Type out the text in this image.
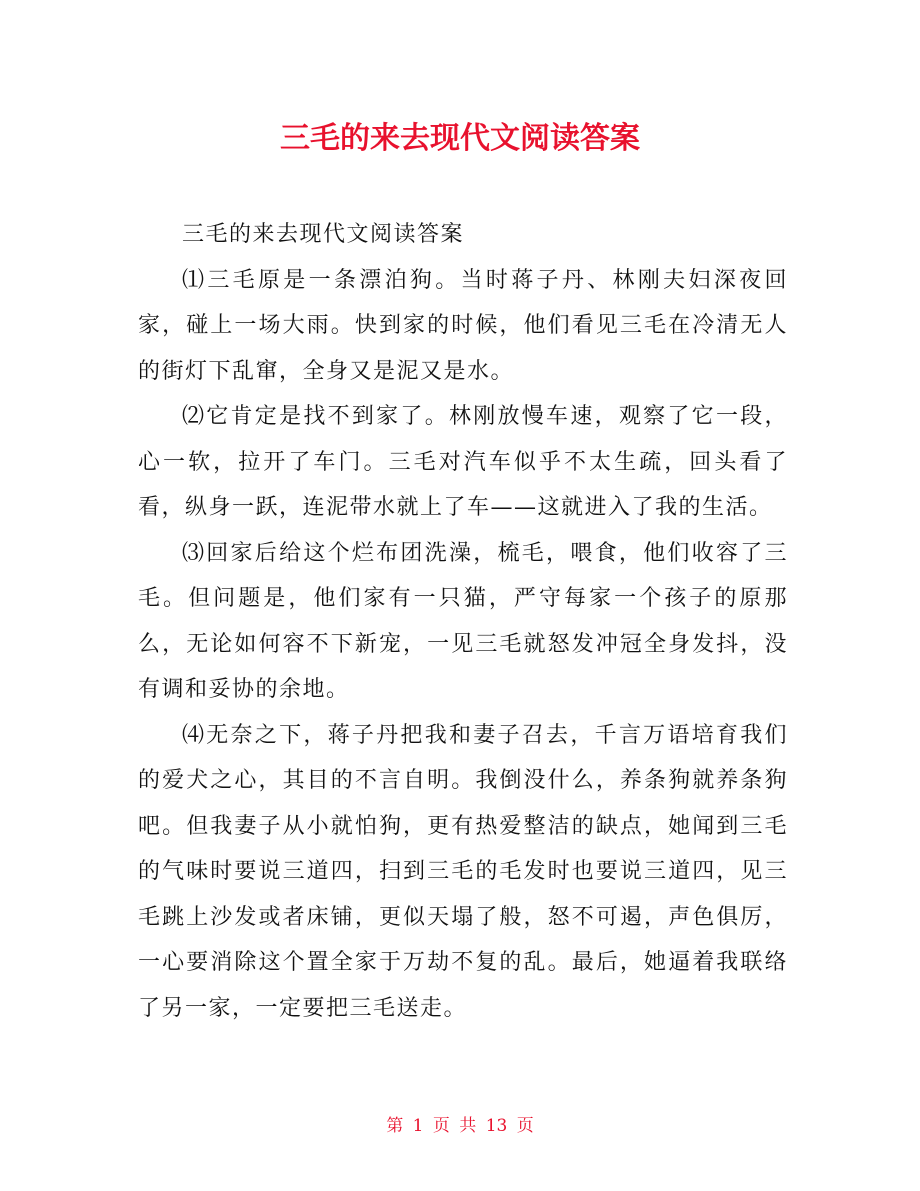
三毛的来去现代文阅读答案

三毛的来去现代文阅读答案

⑴三毛原是一条漂泊狗。当时蒋子丹、林刚夫妇深夜回家，碰上一场大雨。快到家的时候，他们看见三毛在冷清无人的街灯下乱窜，全身又是泥又是水。

⑵它肯定是找不到家了。林刚放慢车速，观察了它一段，心一软，拉开了车门。三毛对汽车似乎不太生疏，回头看了看，纵身一跃，连泥带水就上了车——这就进入了我的生活。

⑶回家后给这个烂布团洗澡，梳毛，喂食，他们收容了三毛。但问题是，他们家有一只猫，严守每家一个孩子的原那么，无论如何容不下新宠，一见三毛就怒发冲冠全身发抖，没有调和妥协的余地。

⑷无奈之下，蒋子丹把我和妻子召去，千言万语培育我们的爱犬之心，其目的不言自明。我倒没什么，养条狗就养条狗吧。但我妻子从小就怕狗，更有热爱整洁的缺点，她闻到三毛的气味时要说三道四，扫到三毛的毛发时也要说三道四，见三毛跳上沙发或者床铺，更似天塌了般，怒不可遏，声色俱厉，一心要消除这个置全家于万劫不复的乱。最后，她逼着我联络了另一家，一定要把三毛送走。

第 1 页 共 13 页
